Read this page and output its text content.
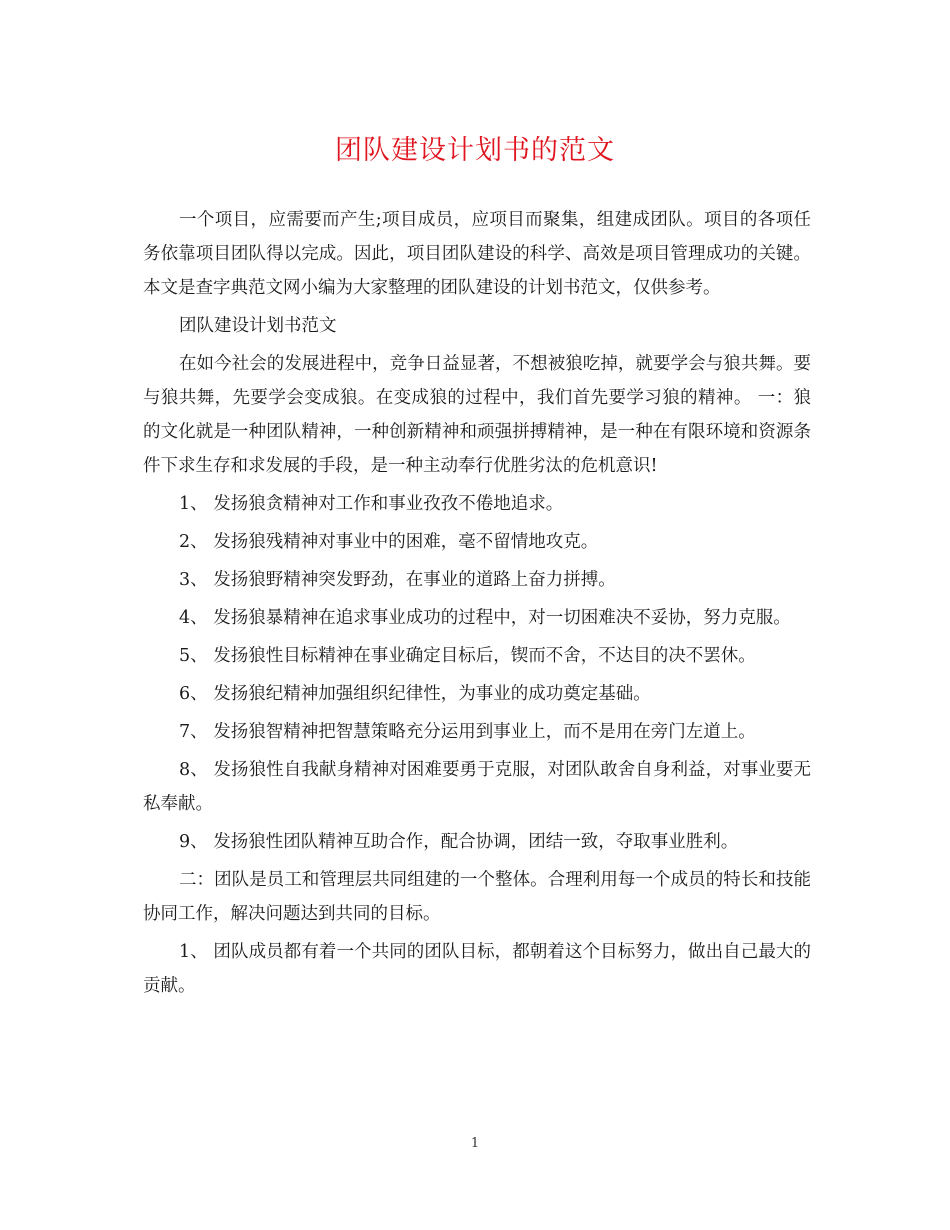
团队建设计划书的范文

一个项目，应需要而产生;项目成员，应项目而聚集，组建成团队。项目的各项任务依靠项目团队得以完成。因此，项目团队建设的科学、高效是项目管理成功的关键。本文是查字典范文网小编为大家整理的团队建设的计划书范文，仅供参考。

团队建设计划书范文

在如今社会的发展进程中，竞争日益显著，不想被狼吃掉，就要学会与狼共舞。要与狼共舞，先要学会变成狼。在变成狼的过程中，我们首先要学习狼的精神。 一：狼的文化就是一种团队精神，一种创新精神和顽强拼搏精神，是一种在有限环境和资源条件下求生存和求发展的手段，是一种主动奉行优胜劣汰的危机意识!

1、 发扬狼贪精神对工作和事业孜孜不倦地追求。

2、 发扬狼残精神对事业中的困难，毫不留情地攻克。

3、 发扬狼野精神突发野劲，在事业的道路上奋力拼搏。

4、 发扬狼暴精神在追求事业成功的过程中，对一切困难决不妥协，努力克服。

5、 发扬狼性目标精神在事业确定目标后，锲而不舍，不达目的决不罢休。

6、 发扬狼纪精神加强组织纪律性，为事业的成功奠定基础。

7、 发扬狼智精神把智慧策略充分运用到事业上，而不是用在旁门左道上。

8、 发扬狼性自我献身精神对困难要勇于克服，对团队敢舍自身利益，对事业要无私奉献。

9、 发扬狼性团队精神互助合作，配合协调，团结一致，夺取事业胜利。

二：团队是员工和管理层共同组建的一个整体。合理利用每一个成员的特长和技能协同工作，解决问题达到共同的目标。

1、 团队成员都有着一个共同的团队目标，都朝着这个目标努力，做出自己最大的贡献。

1
